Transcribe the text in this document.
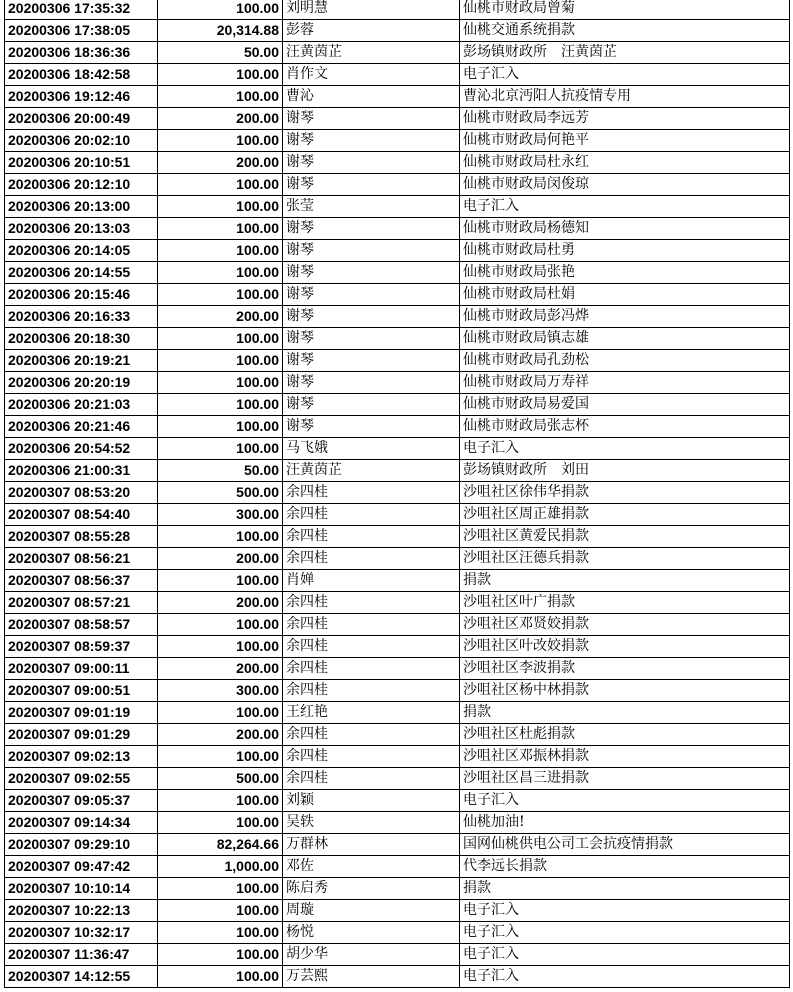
20200306 17:35:32	100.00	刘明慧	仙桃市财政局曾菊
20200306 17:38:05	20,314.88	彭蓉	仙桃交通系统捐款
20200306 18:36:36	50.00	汪黄茵芷	彭场镇财政所　汪黄茵芷
20200306 18:42:58	100.00	肖作文	电子汇入
20200306 19:12:46	100.00	曹沁	曹沁北京沔阳人抗疫情专用
20200306 20:00:49	200.00	谢琴	仙桃市财政局李远芳
20200306 20:02:10	100.00	谢琴	仙桃市财政局何艳平
20200306 20:10:51	200.00	谢琴	仙桃市财政局杜永红
20200306 20:12:10	100.00	谢琴	仙桃市财政局闵俊琼
20200306 20:13:00	100.00	张莹	电子汇入
20200306 20:13:03	100.00	谢琴	仙桃市财政局杨德知
20200306 20:14:05	100.00	谢琴	仙桃市财政局杜勇
20200306 20:14:55	100.00	谢琴	仙桃市财政局张艳
20200306 20:15:46	100.00	谢琴	仙桃市财政局杜娟
20200306 20:16:33	200.00	谢琴	仙桃市财政局彭冯烨
20200306 20:18:30	100.00	谢琴	仙桃市财政局镇志雄
20200306 20:19:21	100.00	谢琴	仙桃市财政局孔劲松
20200306 20:20:19	100.00	谢琴	仙桃市财政局万寿祥
20200306 20:21:03	100.00	谢琴	仙桃市财政局易爱国
20200306 20:21:46	100.00	谢琴	仙桃市财政局张志杯
20200306 20:54:52	100.00	马飞娥	电子汇入
20200306 21:00:31	50.00	汪黄茵芷	彭场镇财政所　刘田
20200307 08:53:20	500.00	余四桂	沙咀社区徐伟华捐款
20200307 08:54:40	300.00	余四桂	沙咀社区周正雄捐款
20200307 08:55:28	100.00	余四桂	沙咀社区黄爱民捐款
20200307 08:56:21	200.00	余四桂	沙咀社区汪德兵捐款
20200307 08:56:37	100.00	肖婵	捐款
20200307 08:57:21	200.00	余四桂	沙咀社区叶广捐款
20200307 08:58:57	100.00	余四桂	沙咀社区邓贤姣捐款
20200307 08:59:37	100.00	余四桂	沙咀社区叶改姣捐款
20200307 09:00:11	200.00	余四桂	沙咀社区李波捐款
20200307 09:00:51	300.00	余四桂	沙咀社区杨中林捐款
20200307 09:01:19	100.00	王红艳	捐款
20200307 09:01:29	200.00	余四桂	沙咀社区杜彪捐款
20200307 09:02:13	100.00	余四桂	沙咀社区邓振林捐款
20200307 09:02:55	500.00	余四桂	沙咀社区昌三进捐款
20200307 09:05:37	100.00	刘颖	电子汇入
20200307 09:14:34	100.00	吴轶	仙桃加油!
20200307 09:29:10	82,264.66	万群林	国网仙桃供电公司工会抗疫情捐款
20200307 09:47:42	1,000.00	邓佐	代李远长捐款
20200307 10:10:14	100.00	陈启秀	捐款
20200307 10:22:13	100.00	周璇	电子汇入
20200307 10:32:17	100.00	杨悦	电子汇入
20200307 11:36:47	100.00	胡少华	电子汇入
20200307 14:12:55	100.00	万芸熙	电子汇入
